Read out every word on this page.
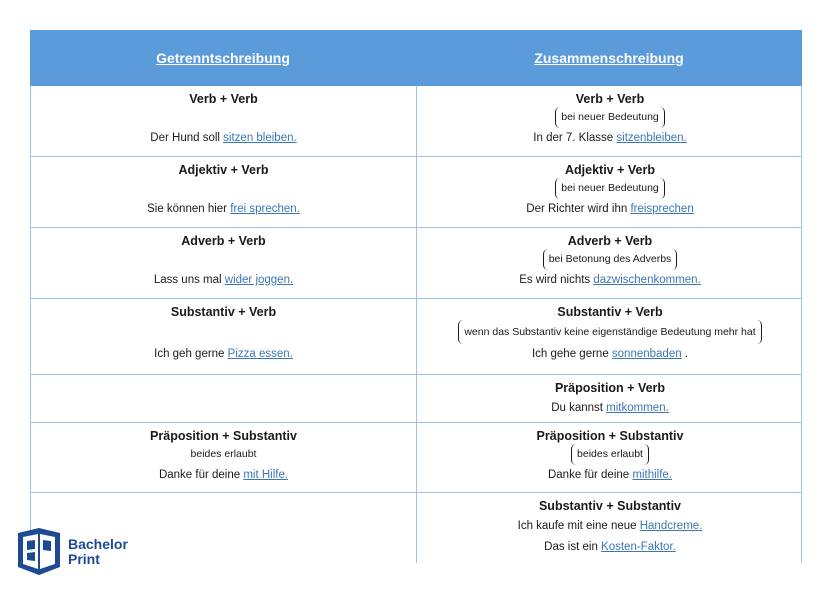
Getrenntschreibung	Zusammenschreibung
Verb + Verb
Der Hund soll sitzen bleiben.
Verb + Verb
bei neuer Bedeutung
In der 7. Klasse sitzenbleiben.
Adjektiv + Verb
Sie können hier frei sprechen.
Adjektiv + Verb
bei neuer Bedeutung
Der Richter wird ihn freisprechen
Adverb + Verb
Lass uns mal wider joggen.
Adverb + Verb
bei Betonung des Adverbs
Es wird nichts dazwischenkommen.
Substantiv + Verb
Ich geh gerne Pizza essen.
Substantiv + Verb
wenn das Substantiv keine eigenständige Bedeutung mehr hat
Ich gehe gerne sonnenbaden .
Präposition + Verb
Du kannst mitkommen.
Präposition + Substantiv
beides erlaubt
Danke für deine mit Hilfe.
Präposition + Substantiv
beides erlaubt
Danke für deine mithilfe.
Substantiv + Substantiv
Ich kaufe mit eine neue Handcreme.
Das ist ein Kosten-Faktor.
Bachelor
Print
